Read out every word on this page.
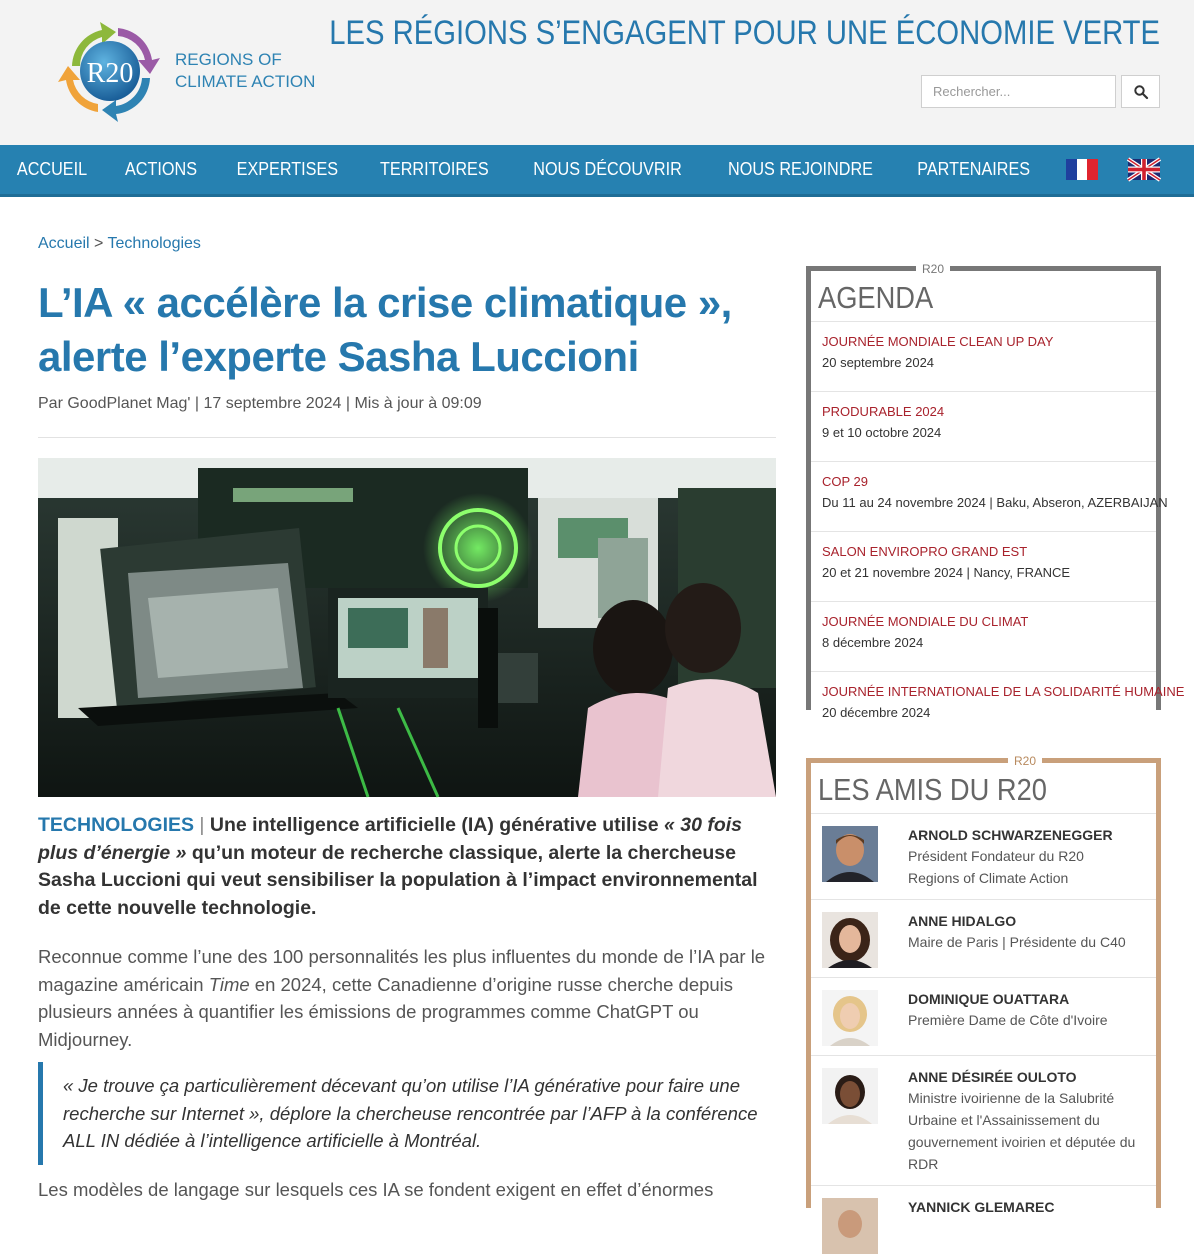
R20 REGIONS OF
CLIMATE ACTION
LES RÉGIONS S’ENGAGENT POUR UNE ÉCONOMIE VERTE
Rechercher...
ACCUEIL ACTIONS EXPERTISES TERRITOIRES NOUS DÉCOUVRIR	NOUS REJOINDRE PARTENAIRES
Accueil > Technologies
L’IA « accélère la crise climatique », alerte l’experte Sasha Luccioni
Par GoodPlanet Mag' | 17 septembre 2024 | Mis à jour à 09:09
TECHNOLOGIES | Une intelligence artificielle (IA) générative utilise « 30 fois plus d’énergie » qu’un moteur de recherche classique, alerte la chercheuse Sasha Luccioni qui veut sensibiliser la population à l’impact environnemental de cette nouvelle technologie.

Reconnue comme l’une des 100 personnalités les plus influentes du monde de l’IA par le magazine américain Time en 2024, cette Canadienne d’origine russe cherche depuis plusieurs années à quantifier les émissions de programmes comme ChatGPT ou Midjourney.

« Je trouve ça particulièrement décevant qu’on utilise l’IA générative pour faire une recherche sur Internet », déplore la chercheuse rencontrée par l’AFP à la conférence ALL IN dédiée à l’intelligence artificielle à Montréal.

Les modèles de langage sur lesquels ces IA se fondent exigent en effet d’énormes

R20
AGENDA
JOURNÉE MONDIALE CLEAN UP DAY
20 septembre 2024
PRODURABLE 2024
9 et 10 octobre 2024
COP 29
Du 11 au 24 novembre 2024 | Baku, Abseron, AZERBAIJAN
SALON ENVIROPRO GRAND EST
20 et 21 novembre 2024 | Nancy, FRANCE
JOURNÉE MONDIALE DU CLIMAT
8 décembre 2024
JOURNÉE INTERNATIONALE DE LA SOLIDARITÉ HUMAINE
20 décembre 2024
R20
LES AMIS DU R20
ARNOLD SCHWARZENEGGER
Président Fondateur du R20 Regions of Climate Action
ANNE HIDALGO
Maire de Paris | Présidente du C40
DOMINIQUE OUATTARA
Première Dame de Côte d'Ivoire
ANNE DÉSIRÉE OULOTO
Ministre ivoirienne de la Salubrité Urbaine et l'Assainissement du gouvernement ivoirien et députée du RDR
YANNICK GLEMAREC
